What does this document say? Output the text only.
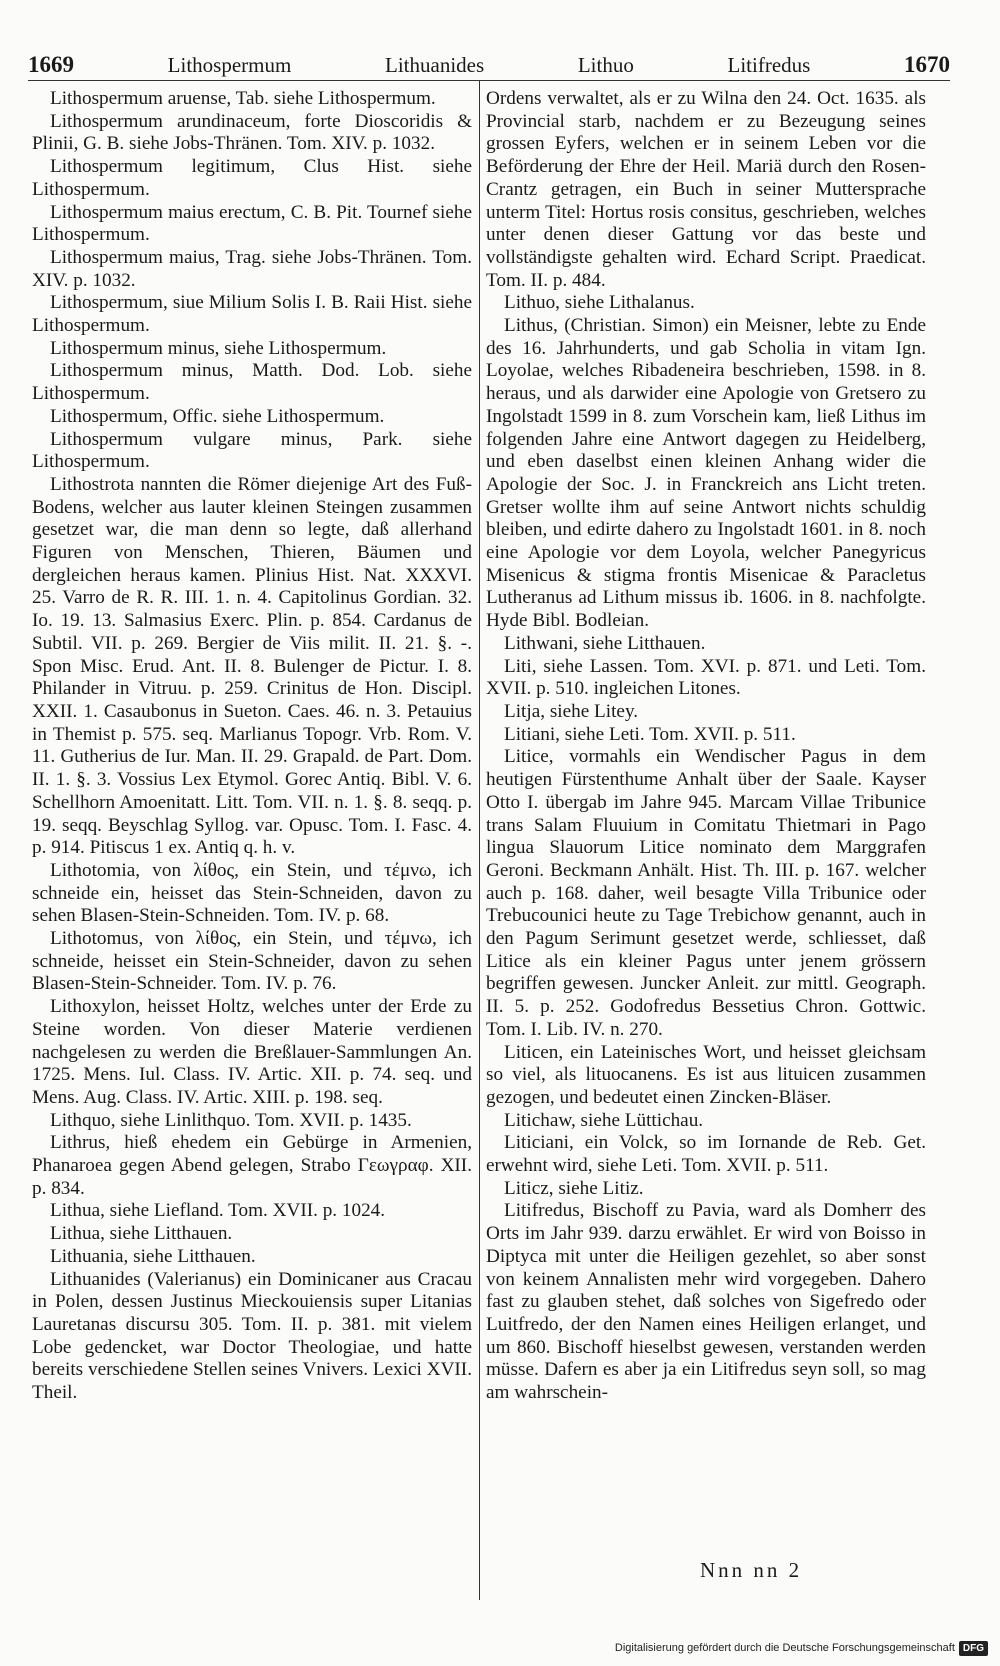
1669	Lithospermum	Lithuanides	Lithuo	Litifredus	1670

Lithospermum aruense, Tab. siehe Lithospermum.

Lithospermum arundinaceum, forte Dioscoridis & Plinii, G. B. siehe Jobs-Thränen. Tom. XIV. p. 1032.

Lithospermum legitimum, Clus Hist. siehe Lithospermum.

Lithospermum maius erectum, C. B. Pit. Tournef siehe Lithospermum.

Lithospermum maius, Trag. siehe Jobs-Thränen. Tom. XIV. p. 1032.

Lithospermum, siue Milium Solis I. B. Raii Hist. siehe Lithospermum.

Lithospermum minus, siehe Lithospermum.

Lithospermum minus, Matth. Dod. Lob. siehe Lithospermum.

Lithospermum, Offic. siehe Lithospermum.

Lithospermum vulgare minus, Park. siehe Lithospermum.

Lithostrota nannten die Römer diejenige Art des Fuß-Bodens, welcher aus lauter kleinen Steingen zusammen gesetzet war, die man denn so legte, daß allerhand Figuren von Menschen, Thieren, Bäumen und dergleichen heraus kamen. Plinius Hist. Nat. XXXVI. 25. Varro de R. R. III. 1. n. 4. Capitolinus Gordian. 32. Io. 19. 13. Salmasius Exerc. Plin. p. 854. Cardanus de Subtil. VII. p. 269. Bergier de Viis milit. II. 21. §. -. Spon Misc. Erud. Ant. II. 8. Bulenger de Pictur. I. 8. Philander in Vitruu. p. 259. Crinitus de Hon. Discipl. XXII. 1. Casaubonus in Sueton. Caes. 46. n. 3. Petauius in Themist p. 575. seq. Marlianus Topogr. Vrb. Rom. V. 11. Gutherius de Iur. Man. II. 29. Grapald. de Part. Dom. II. 1. §. 3. Vossius Lex Etymol. Gorec Antiq. Bibl. V. 6. Schellhorn Amoenitatt. Litt. Tom. VII. n. 1. §. 8. seqq. p. 19. seqq. Beyschlag Syllog. var. Opusc. Tom. I. Fasc. 4. p. 914. Pitiscus 1 ex. Antiq q. h. v.

Lithotomia, von λίθος, ein Stein, und τέμνω, ich schneide ein, heisset das Stein-Schneiden, davon zu sehen Blasen-Stein-Schneiden. Tom. IV. p. 68.

Lithotomus, von λίθος, ein Stein, und τέμνω, ich schneide, heisset ein Stein-Schneider, davon zu sehen Blasen-Stein-Schneider. Tom. IV. p. 76.

Lithoxylon, heisset Holtz, welches unter der Erde zu Steine worden. Von dieser Materie verdienen nachgelesen zu werden die Breßlauer-Sammlungen An. 1725. Mens. Iul. Class. IV. Artic. XII. p. 74. seq. und Mens. Aug. Class. IV. Artic. XIII. p. 198. seq.

Lithquo, siehe Linlithquo. Tom. XVII. p. 1435.

Lithrus, hieß ehedem ein Gebürge in Armenien, Phanaroea gegen Abend gelegen, Strabo Γεωγραφ. XII. p. 834.

Lithua, siehe Liefland. Tom. XVII. p. 1024.

Lithua, siehe Litthauen.

Lithuania, siehe Litthauen.

Lithuanides (Valerianus) ein Dominicaner aus Cracau in Polen, dessen Justinus Mieckouiensis super Litanias Lauretanas discursu 305. Tom. II. p. 381. mit vielem Lobe gedencket, war Doctor Theologiae, und hatte bereits verschiedene Stellen seines Vnivers. Lexici XVII. Theil.

Ordens verwaltet, als er zu Wilna den 24. Oct. 1635. als Provincial starb, nachdem er zu Bezeugung seines grossen Eyfers, welchen er in seinem Leben vor die Beförderung der Ehre der Heil. Mariä durch den Rosen-Crantz getragen, ein Buch in seiner Muttersprache unterm Titel: Hortus rosis consitus, geschrieben, welches unter denen dieser Gattung vor das beste und vollständigste gehalten wird. Echard Script. Praedicat. Tom. II. p. 484.

Lithuo, siehe Lithalanus.

Lithus, (Christian. Simon) ein Meisner, lebte zu Ende des 16. Jahrhunderts, und gab Scholia in vitam Ign. Loyolae, welches Ribadeneira beschrieben, 1598. in 8. heraus, und als darwider eine Apologie von Gretsero zu Ingolstadt 1599 in 8. zum Vorschein kam, ließ Lithus im folgenden Jahre eine Antwort dagegen zu Heidelberg, und eben daselbst einen kleinen Anhang wider die Apologie der Soc. J. in Franckreich ans Licht treten. Gretser wollte ihm auf seine Antwort nichts schuldig bleiben, und edirte dahero zu Ingolstadt 1601. in 8. noch eine Apologie vor dem Loyola, welcher Panegyricus Misenicus & stigma frontis Misenicae & Paracletus Lutheranus ad Lithum missus ib. 1606. in 8. nachfolgte. Hyde Bibl. Bodleian.

Lithwani, siehe Litthauen.

Liti, siehe Lassen. Tom. XVI. p. 871. und Leti. Tom. XVII. p. 510. ingleichen Litones.

Litja, siehe Litey.

Litiani, siehe Leti. Tom. XVII. p. 511.

Litice, vormahls ein Wendischer Pagus in dem heutigen Fürstenthume Anhalt über der Saale. Kayser Otto I. übergab im Jahre 945. Marcam Villae Tribunice trans Salam Fluuium in Comitatu Thietmari in Pago lingua Slauorum Litice nominato dem Marggrafen Geroni. Beckmann Anhält. Hist. Th. III. p. 167. welcher auch p. 168. daher, weil besagte Villa Tribunice oder Trebucounici heute zu Tage Trebichow genannt, auch in den Pagum Serimunt gesetzet werde, schliesset, daß Litice als ein kleiner Pagus unter jenem grössern begriffen gewesen. Juncker Anleit. zur mittl. Geograph. II. 5. p. 252. Godofredus Bessetius Chron. Gottwic. Tom. I. Lib. IV. n. 270.

Liticen, ein Lateinisches Wort, und heisset gleichsam so viel, als lituocanens. Es ist aus lituicen zusammen gezogen, und bedeutet einen Zincken-Bläser.

Litichaw, siehe Lüttichau.

Liticiani, ein Volck, so im Iornande de Reb. Get. erwehnt wird, siehe Leti. Tom. XVII. p. 511.

Liticz, siehe Litiz.

Litifredus, Bischoff zu Pavia, ward als Domherr des Orts im Jahr 939. darzu erwählet. Er wird von Boisso in Diptyca mit unter die Heiligen gezehlet, so aber sonst von keinem Annalisten mehr wird vorgegeben. Dahero fast zu glauben stehet, daß solches von Sigefredo oder Luitfredo, der den Namen eines Heiligen erlanget, und um 860. Bischoff hieselbst gewesen, verstanden werden müsse. Dafern es aber ja ein Litifredus seyn soll, so mag am wahrschein-

Nnn nn 2
Digitalisierung gefördert durch die Deutsche Forschungsgemeinschaft DFG
